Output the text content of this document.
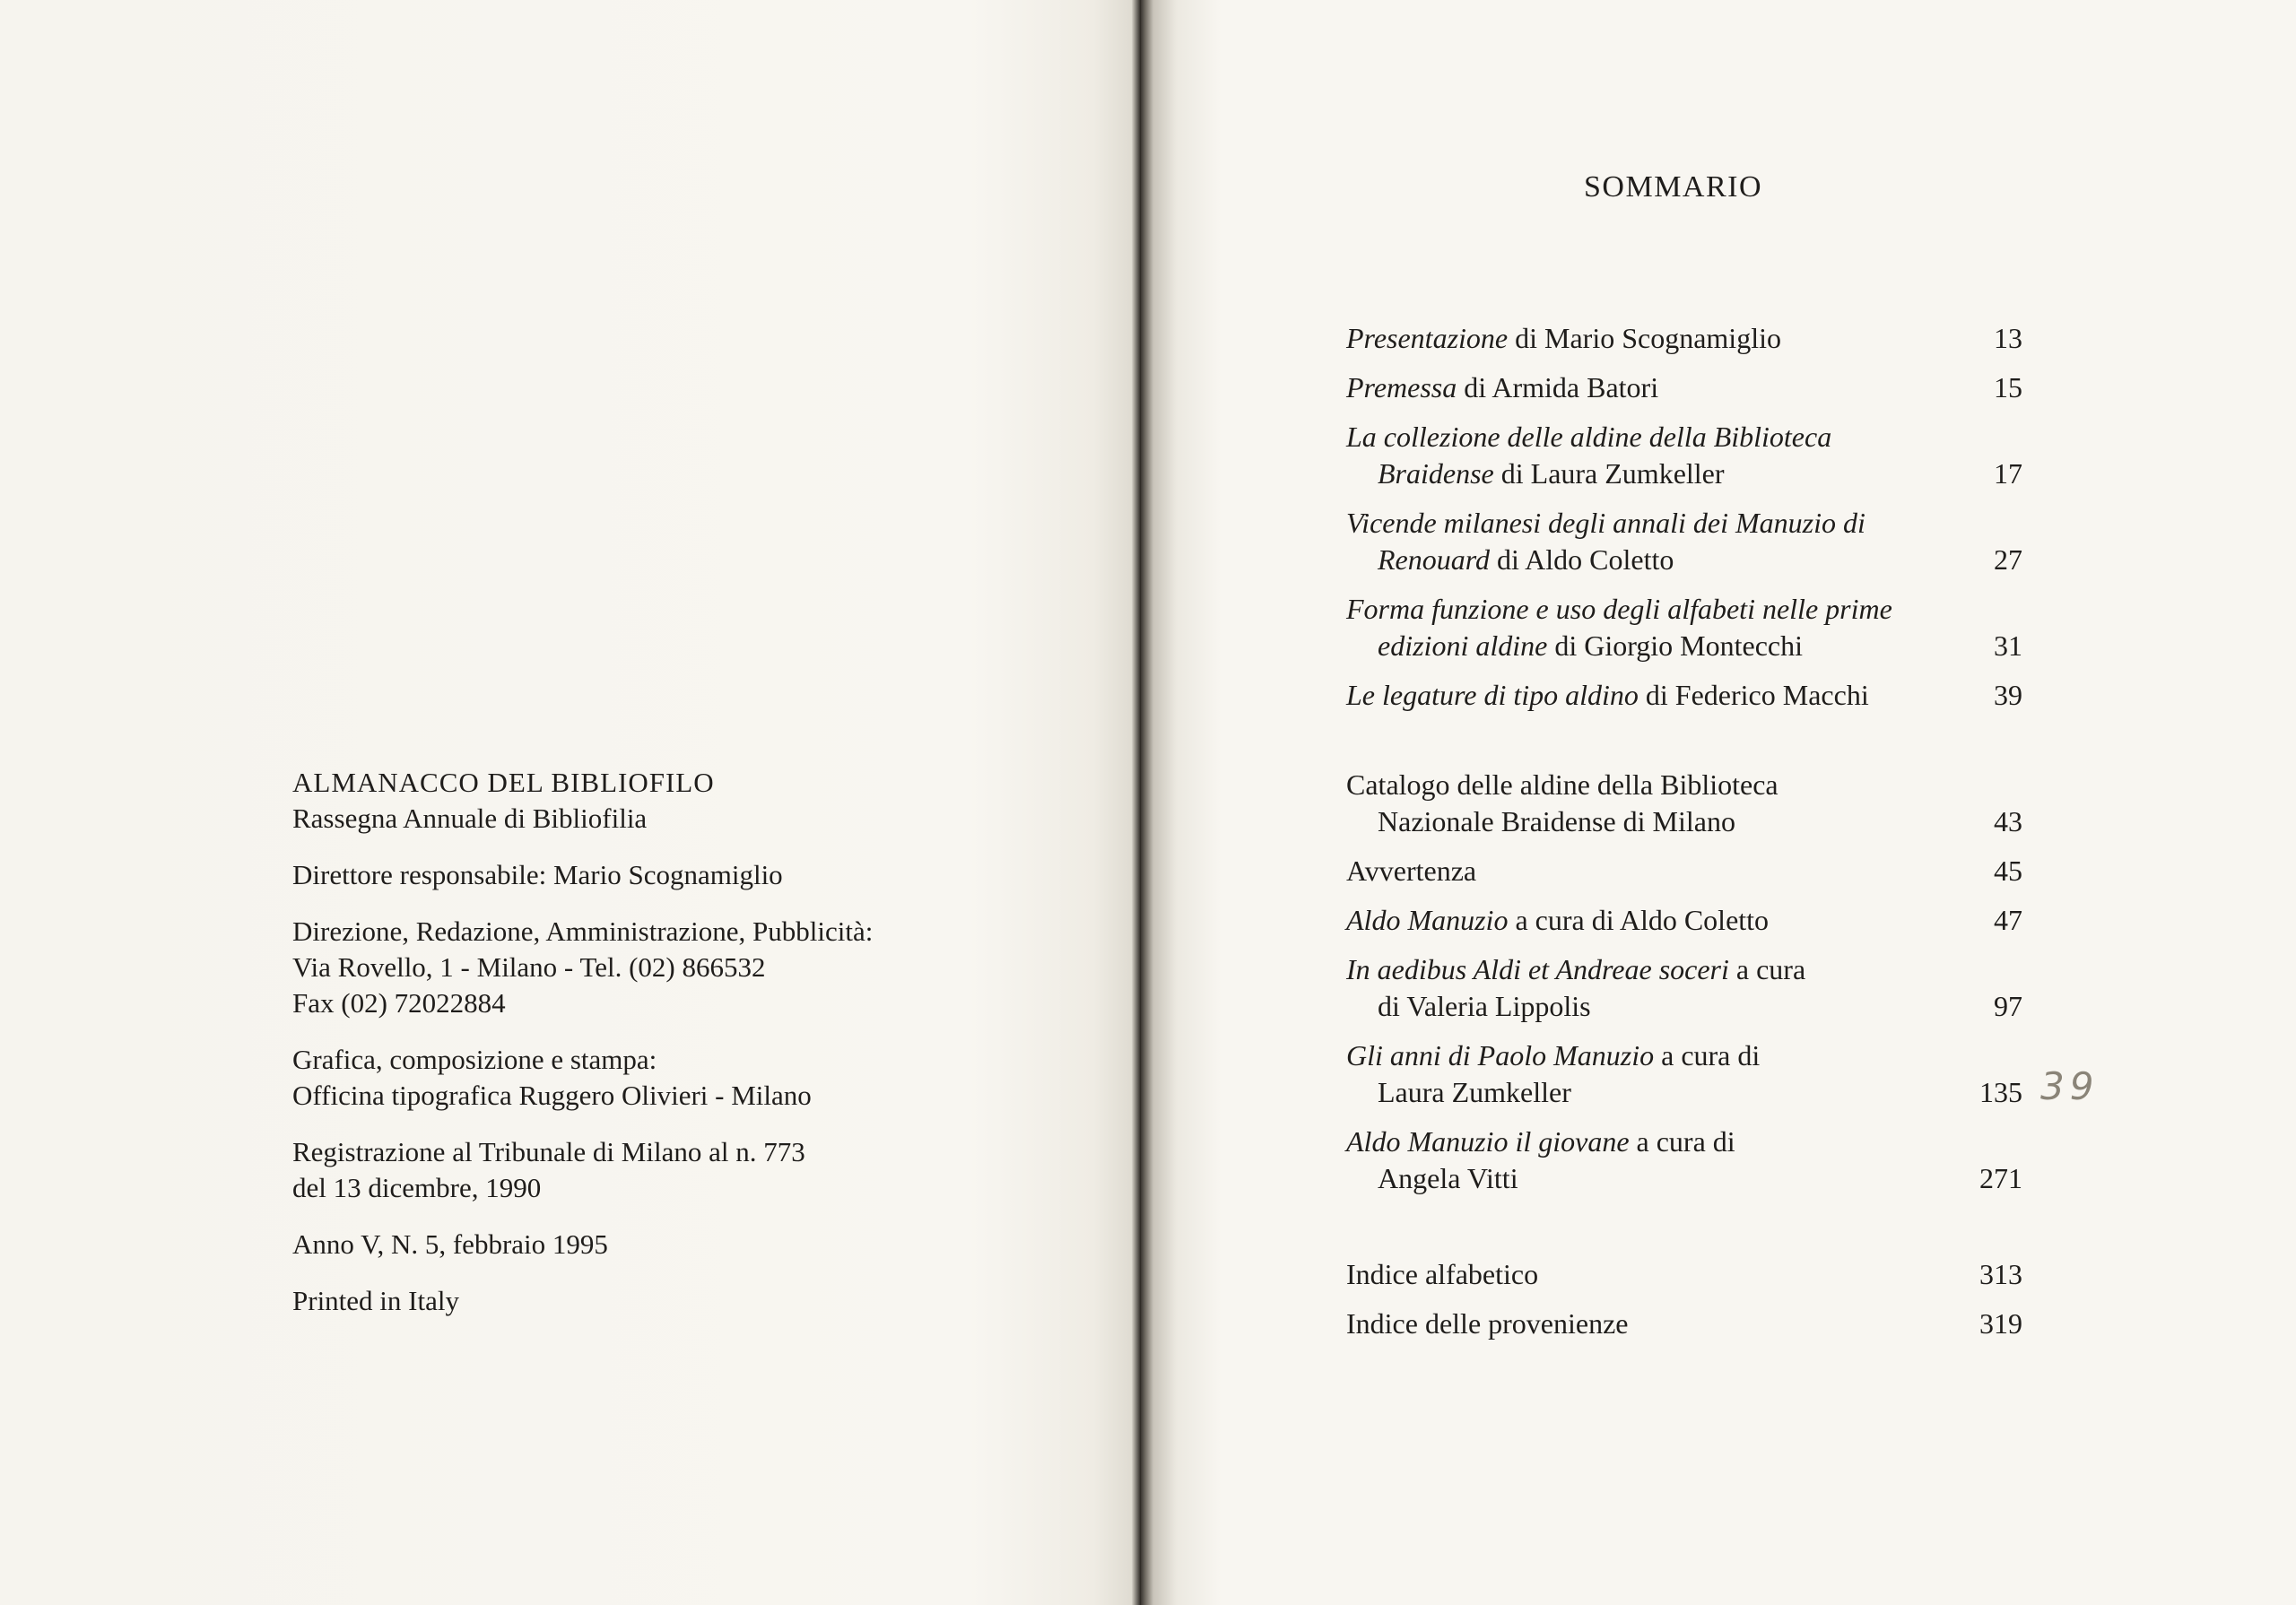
ALMANACCO DEL BIBLIOFILO
Rassegna Annuale di Bibliofilia
Direttore responsabile: Mario Scognamiglio
Direzione, Redazione, Amministrazione, Pubblicità:
Via Rovello, 1 - Milano - Tel. (02) 866532
Fax (02) 72022884
Grafica, composizione e stampa:
Officina tipografica Ruggero Olivieri - Milano
Registrazione al Tribunale di Milano al n. 773
del 13 dicembre, 1990
Anno V, N. 5, febbraio 1995
Printed in Italy
SOMMARIO
Presentazione di Mario Scognamiglio	13
Premessa di Armida Batori	15
La collezione delle aldine della Biblioteca
Braidense di Laura Zumkeller	17
Vicende milanesi degli annali dei Manuzio di
Renouard di Aldo Coletto	27
Forma funzione e uso degli alfabeti nelle prime
edizioni aldine di Giorgio Montecchi	31
Le legature di tipo aldino di Federico Macchi	39
Catalogo delle aldine della Biblioteca
Nazionale Braidense di Milano	43
Avvertenza	45
Aldo Manuzio a cura di Aldo Coletto	47
In aedibus Aldi et Andreae soceri a cura
di Valeria Lippolis	97
Gli anni di Paolo Manuzio a cura di
Laura Zumkeller	135
Aldo Manuzio il giovane a cura di
Angela Vitti	271
Indice alfabetico	313
Indice delle provenienze	319
39
